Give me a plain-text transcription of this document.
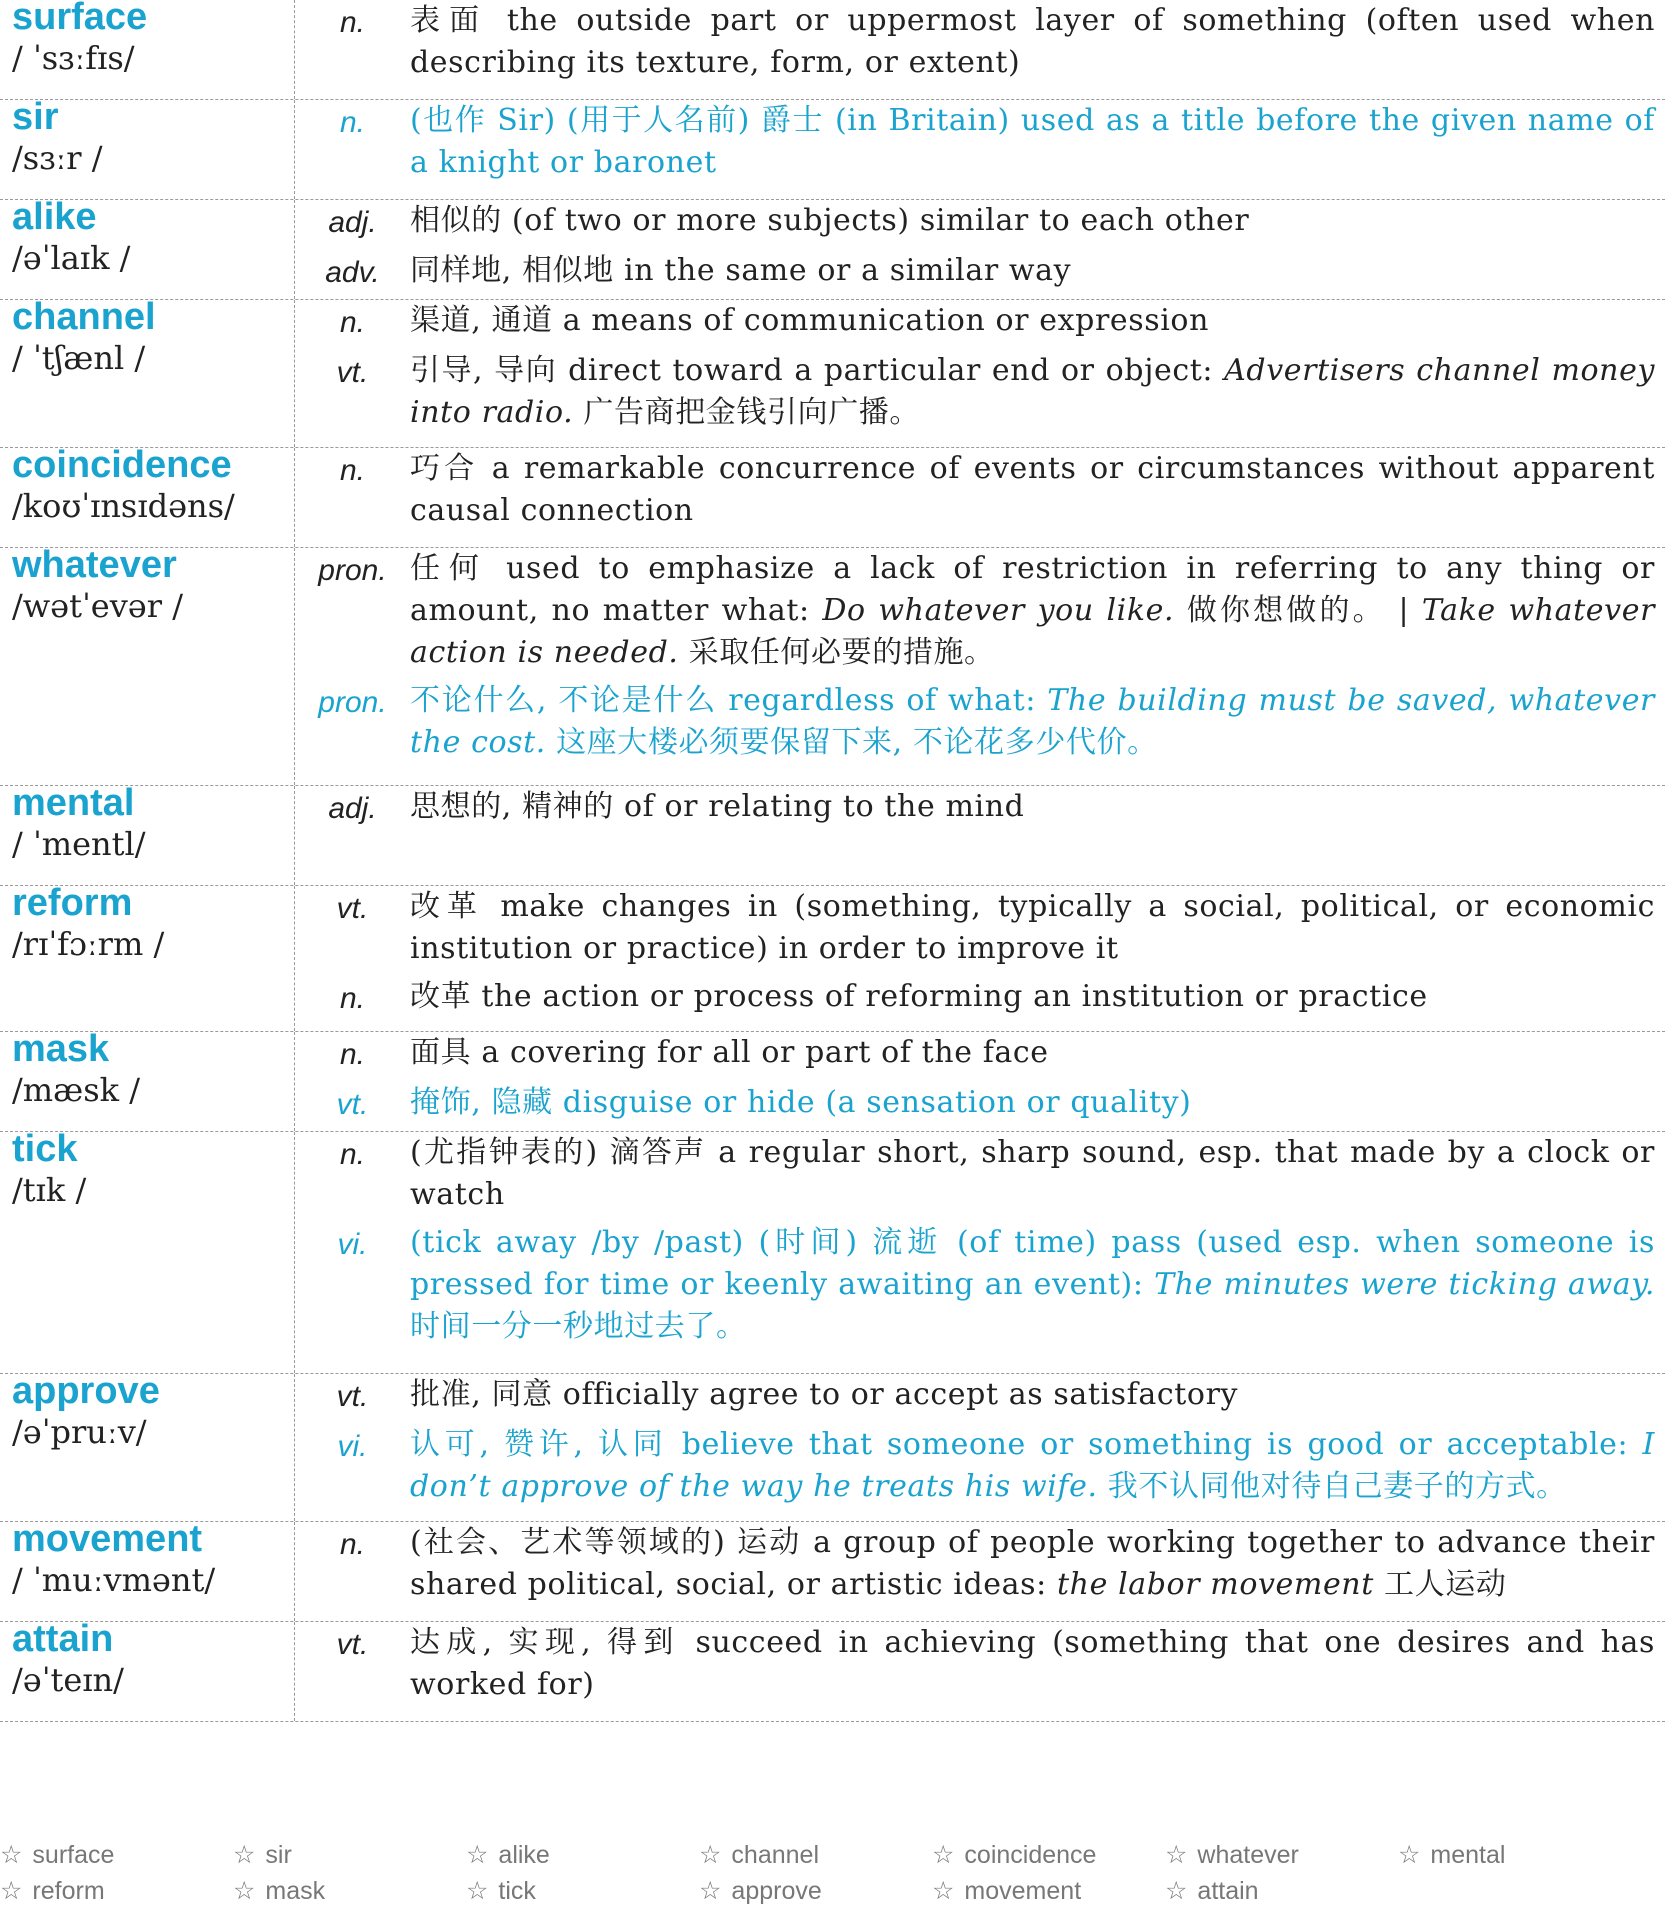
surface
/ ˈsɜːfɪs/
n.	表面 the outside part or uppermost layer of something (often used when describing its texture, form, or extent)
sir
/sɜːr /
n.	(也作 Sir) (用于人名前) 爵士 (in Britain) used as a title before the given name of a knight or baronet
alike
/əˈlaɪk /
adj.	相似的 (of two or more subjects) similar to each other
adv.	同样地, 相似地 in the same or a similar way
channel
/ ˈtʃænl /
n.	渠道, 通道 a means of communication or expression
vt.	引导, 导向 direct toward a particular end or object: Advertisers channel money into radio. 广告商把金钱引向广播。
coincidence
/koʊˈɪnsɪdəns/
n.	巧合 a remarkable concurrence of events or circumstances without apparent causal connection
whatever
/wətˈevər /
pron. 任何 used to emphasize a lack of restriction in referring to any thing or amount, no matter what: Do whatever you like. 做你想做的。 | Take whatever action is needed. 采取任何必要的措施。
pron. 不论什么, 不论是什么 regardless of what: The building must be saved, whatever the cost. 这座大楼必须要保留下来, 不论花多少代价。
mental
/ ˈmentl/
adj.	思想的, 精神的 of or relating to the mind
reform
/rɪˈfɔːrm /
vt.	改革 make changes in (something, typically a social, political, or economic institution or practice) in order to improve it
n.	改革 the action or process of reforming an institution or practice
mask
/mæsk /
n.	面具 a covering for all or part of the face
vt.	掩饰, 隐藏 disguise or hide (a sensation or quality)
tick
/tɪk /
n.	(尤指钟表的) 滴答声 a regular short, sharp sound, esp. that made by a clock or watch
vi.	(tick away /by /past) (时间) 流逝 (of time) pass (used esp. when someone is pressed for time or keenly awaiting an event): The minutes were ticking away. 时间一分一秒地过去了。
approve
/əˈpruːv/
vt.	批准, 同意 officially agree to or accept as satisfactory
vi.	认可, 赞许, 认同 believe that someone or something is good or acceptable: I don’t approve of the way he treats his wife. 我不认同他对待自己妻子的方式。
movement
/ ˈmuːvmənt/
n.	(社会、艺术等领域的) 运动 a group of people working together to advance their shared political, social, or artistic ideas: the labor movement 工人运动
attain
/əˈteɪn/
vt.	达成, 实现, 得到 succeed in achieving (something that one desires and has worked for)
☆ surface	☆ sir	☆ alike	☆ channel	☆ coincidence	☆ whatever	☆ mental
☆ reform	☆ mask	☆ tick	☆ approve	☆ movement	☆ attain
